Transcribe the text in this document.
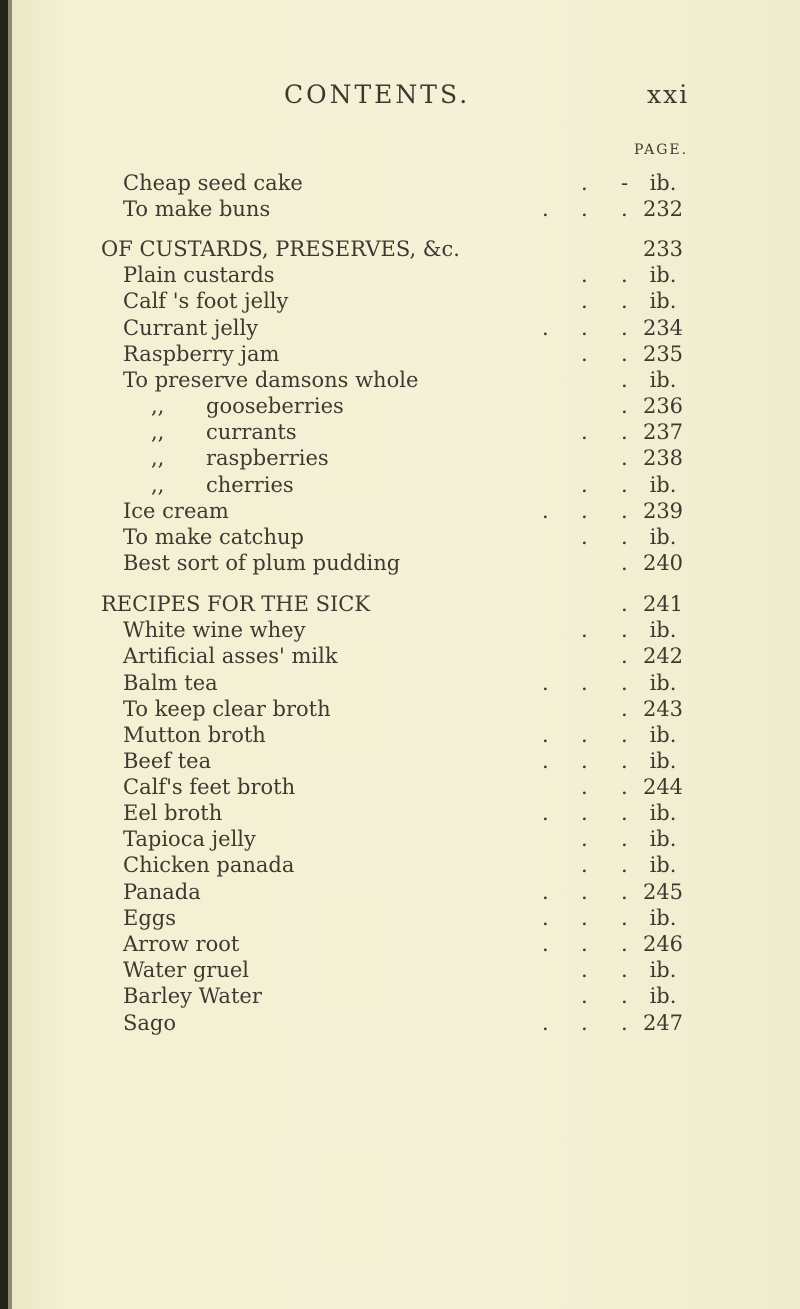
CONTENTS.	xxi
PAGE.
Cheap seed cake	. -	ib.
To make buns	. . . 232
OF CUSTARDS, PRESERVES, &c.	233
Plain custards	. .	ib.
Calf 's foot jelly	. .	ib.
Currant jelly	. . . 234
Raspberry jam	. . 235
To preserve damsons whole	.	ib.
,, gooseberries	. 236
,, currants	. . 237
,, raspberries	. 238
,, cherries	. .	ib.
Ice cream	. . . 239
To make catchup	. .	ib.
Best sort of plum pudding	. 240
RECIPES FOR THE SICK	. 241
White wine whey	. .	ib.
Artificial asses' milk	. 242
Balm tea	. . .	ib.
To keep clear broth	. 243
Mutton broth	. . .	ib.
Beef tea	. . .	ib.
Calf's feet broth	. . 244
Eel broth	. . .	ib.
Tapioca jelly	. .	ib.
Chicken panada	. .	ib.
Panada	. . . 245
Eggs	. . .	ib.
Arrow root	. . . 246
Water gruel	. .	ib.
Barley Water	. .	ib.
Sago	. . . 247
